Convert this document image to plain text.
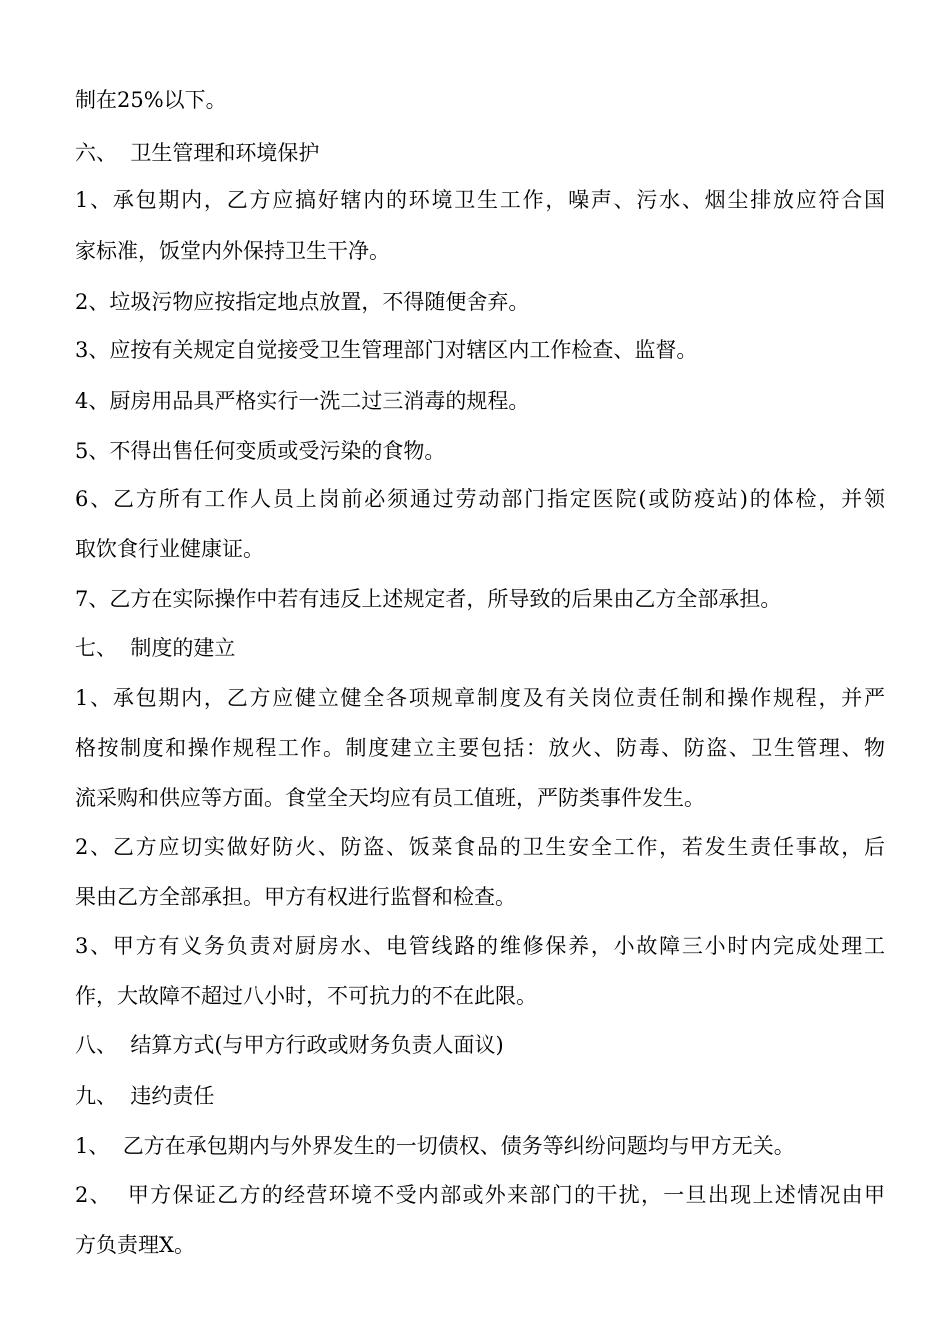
制在25%以下。
六、  卫生管理和环境保护
1、承包期内，乙方应搞好辖内的环境卫生工作，噪声、污水、烟尘排放应符合国
家标准，饭堂内外保持卫生干净。
2、垃圾污物应按指定地点放置，不得随便舍弃。
3、应按有关规定自觉接受卫生管理部门对辖区内工作检查、监督。
4、厨房用品具严格实行一洗二过三消毒的规程。
5、不得出售任何变质或受污染的食物。
6、乙方所有工作人员上岗前必须通过劳动部门指定医院(或防疫站)的体检，并领
取饮食行业健康证。
7、乙方在实际操作中若有违反上述规定者，所导致的后果由乙方全部承担。
七、  制度的建立
1、承包期内，乙方应健立健全各项规章制度及有关岗位责任制和操作规程，并严
格按制度和操作规程工作。制度建立主要包括：放火、防毒、防盗、卫生管理、物
流采购和供应等方面。食堂全天均应有员工值班，严防类事件发生。
2、乙方应切实做好防火、防盗、饭菜食品的卫生安全工作，若发生责任事故，后
果由乙方全部承担。甲方有权进行监督和检查。
3、甲方有义务负责对厨房水、电管线路的维修保养，小故障三小时内完成处理工
作，大故障不超过八小时，不可抗力的不在此限。
八、  结算方式(与甲方行政或财务负责人面议)
九、  违约责任
1、  乙方在承包期内与外界发生的一切债权、债务等纠纷问题均与甲方无关。
2、  甲方保证乙方的经营环境不受内部或外来部门的干扰，一旦出现上述情况由甲
方负责理X。
